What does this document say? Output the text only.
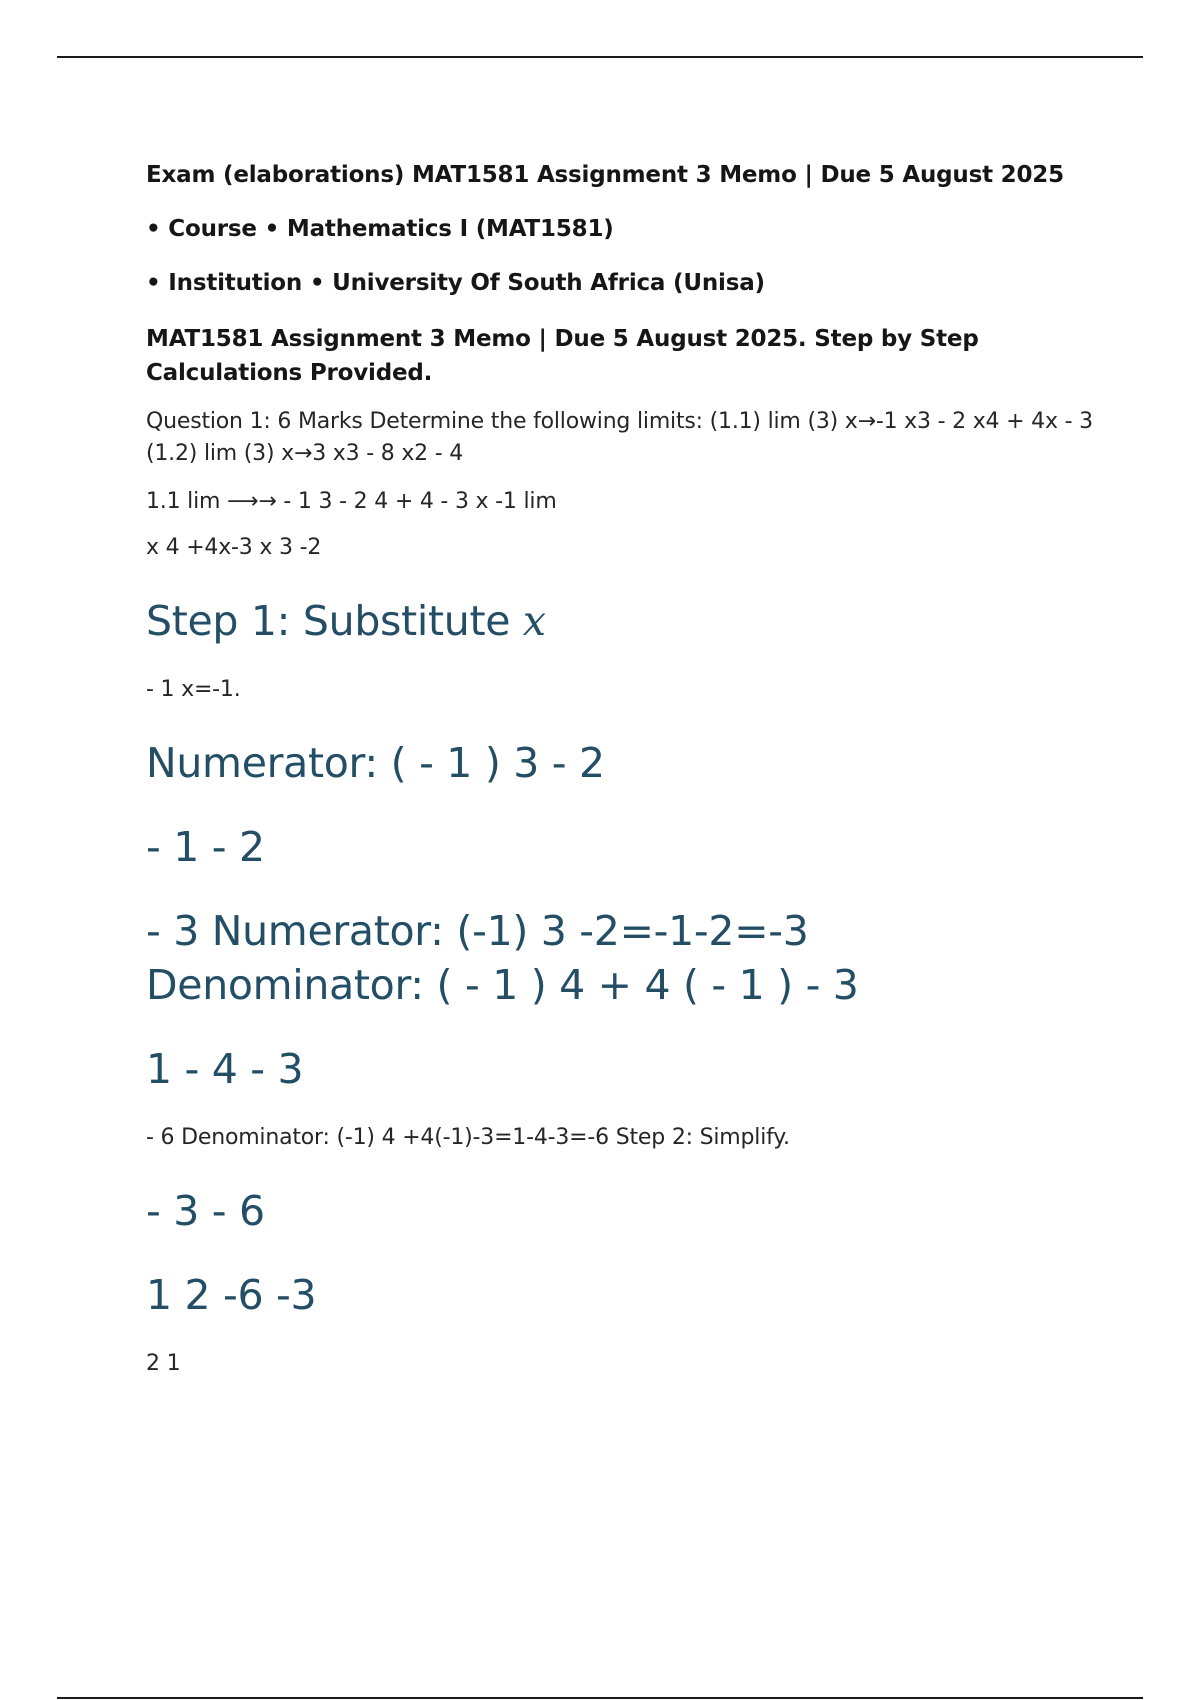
Exam (elaborations) MAT1581 Assignment 3 Memo | Due 5 August 2025
• Course • Mathematics I (MAT1581)
• Institution • University Of South Africa (Unisa)
MAT1581 Assignment 3 Memo | Due 5 August 2025. Step by Step Calculations Provided.
Question 1: 6 Marks Determine the following limits: (1.1) lim (3) x→-1 x3 - 2 x4 + 4x - 3 (1.2) lim (3) x→3 x3 - 8 x2 - 4
1.1 lim ⟶→ - 1 3 - 2 4 + 4 - 3 x -1 lim
x 4 +4x-3 x 3 -2
Step 1: Substitute x
- 1 x=-1.
Numerator: ( - 1 ) 3 - 2
- 1 - 2
- 3 Numerator: (-1) 3 -2=-1-2=-3 Denominator: ( - 1 ) 4 + 4 ( - 1 ) - 3
1 - 4 - 3
- 6 Denominator: (-1) 4 +4(-1)-3=1-4-3=-6 Step 2: Simplify.
- 3 - 6
1 2 -6 -3
2 1
